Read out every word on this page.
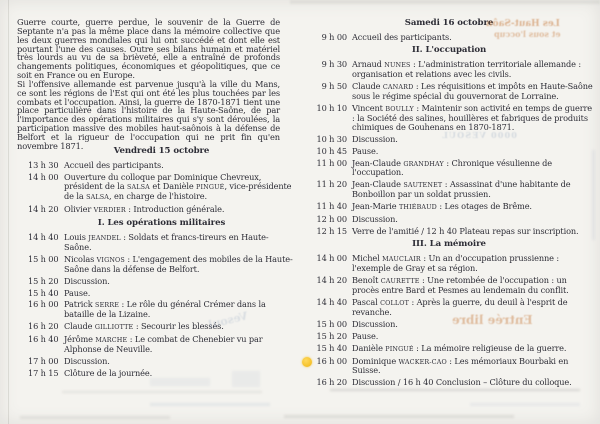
Guerre courte, guerre perdue, le souvenir de la Guerre de Septante n'a pas la même place dans la mémoire collective que les deux guerres mondiales qui lui ont succédé et dont elle est pourtant l'une des causes. Outre ses bilans humain et matériel très lourds au vu de sa brièveté, elle a entraîné de profonds changements politiques, économiques et géopolitiques, que ce soit en France ou en Europe.

Si l'offensive allemande est parvenue jusqu'à la ville du Mans, ce sont les régions de l'Est qui ont été les plus touchées par les combats et l'occupation. Ainsi, la guerre de 1870-1871 tient une place particulière dans l'histoire de la Haute-Saône, de par l'importance des opérations militaires qui s'y sont déroulées, la participation massive des mobiles haut-saônois à la défense de Belfort et la rigueur de l'occupation qui ne prit fin qu'en novembre 1871.

Vendredi 15 octobre
13 h 30 Accueil des participants.
14 h 00 Ouverture du colloque par Dominique Chevreux, président de la SALSA et Danièle PINGUÉ, vice-présidente de la SALSA, en charge de l'histoire.
14 h 20 Olivier VERDIER : Introduction générale.
I. Les opérations militaires
14 h 40 Louis JEANDEL : Soldats et francs-tireurs en Haute-Saône.
15 h 00 Nicolas VIGNOS : L'engagement des mobiles de la Haute-Saône dans la défense de Belfort.
15 h 20 Discussion.
15 h 40 Pause.
16 h 00 Patrick SERRE : Le rôle du général Crémer dans la bataille de la Lizaine.
16 h 20 Claude GILLIOTTE : Secourir les blessés.
16 h 40 Jérôme MARCHE : Le combat de Chenebier vu par Alphonse de Neuville.
17 h 00 Discussion.
17 h 15 Clôture de la journée.
Samedi 16 octobre
9 h 00 Accueil des participants.
II. L'occupation
9 h 30 Arnaud NUNES : L'administration territoriale allemande : organisation et relations avec les civils.
9 h 50 Claude CANARD : Les réquisitions et impôts en Haute-Saône sous le régime spécial du gouvernorat de Lorraine.
10 h 10 Vincent BOULLY : Maintenir son activité en temps de guerre : la Société des salines, houillères et fabriques de produits chimiques de Gouhenans en 1870-1871.
10 h 30 Discussion.
10 h 45 Pause.
11 h 00 Jean-Claude GRANDHAY : Chronique vésulienne de l'occupation.
11 h 20 Jean-Claude SAUTENET : Assassinat d'une habitante de Bonboillon par un soldat prussien.
11 h 40 Jean-Marie THIÉBAUD : Les otages de Brême.
12 h 00 Discussion.
12 h 15 Verre de l'amitié / 12 h 40 Plateau repas sur inscription.
III. La mémoire
14 h 00 Michel MAUCLAIR : Un an d'occupation prussienne : l'exemple de Gray et sa région.
14 h 20 Benoît CAURETTE : Une retombée de l'occupation : un procès entre Bard et Pesmes au lendemain du conflit.
14 h 40 Pascal COLLOT : Après la guerre, du deuil à l'esprit de revanche.
15 h 00 Discussion.
15 h 20 Pause.
15 h 40 Danièle PINGUÉ : La mémoire religieuse de la guerre.
16 h 00 Dominique WACKER-CAO : Les mémoriaux Bourbaki en Suisse.
16 h 20 Discussion / 16 h 40 Conclusion – Clôture du colloque.
Les Haut-Saôn
et sous l'occup
0000 VESOUL
Entrée libre
Vesoul
